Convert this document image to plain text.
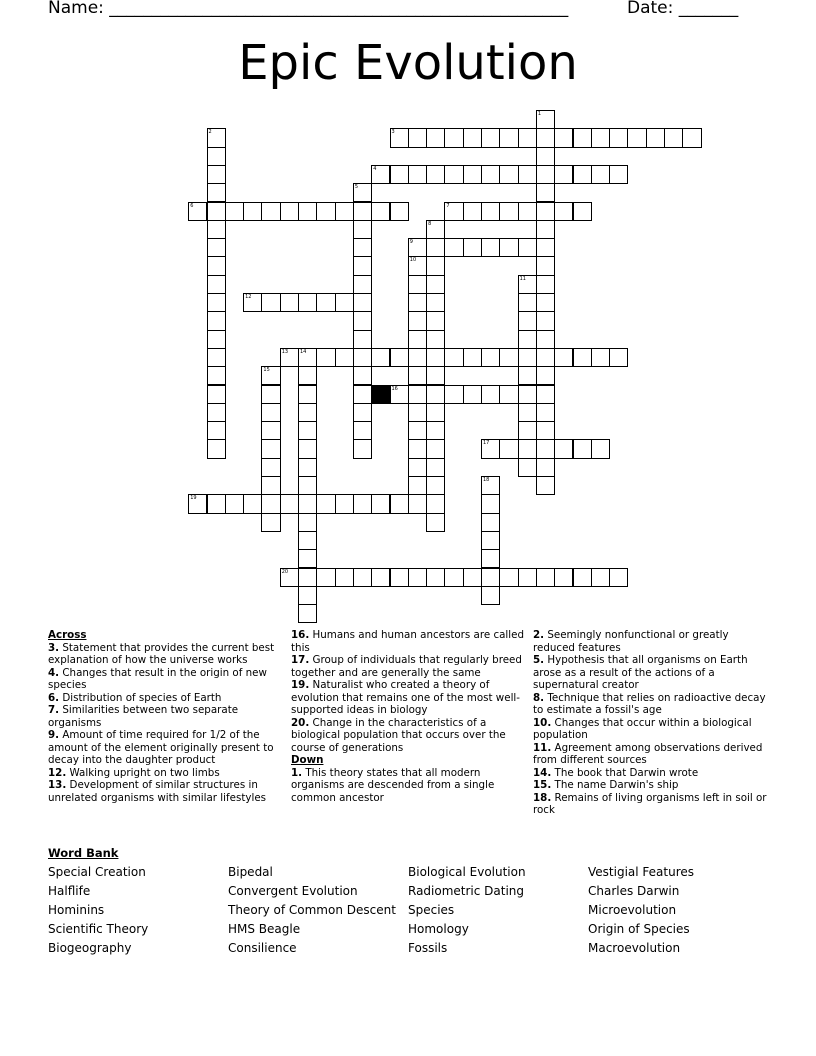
Name: ______________________________________________________	Date: _______
Epic Evolution
1
2	3
4
5
6	7
8
9
10
11
12
13 14
15
16
17
18
19
20
Across
3. Statement that provides the current best explanation of how the universe works
4. Changes that result in the origin of new species
6. Distribution of species of Earth
7. Similarities between two separate organisms
9. Amount of time required for 1/2 of the amount of the element originally present to decay into the daughter product
12. Walking upright on two limbs
13. Development of similar structures in unrelated organisms with similar lifestyles
16. Humans and human ancestors are called this
17. Group of individuals that regularly breed together and are generally the same
19. Naturalist who created a theory of evolution that remains one of the most well-supported ideas in biology
20. Change in the characteristics of a biological population that occurs over the course of generations
Down
1. This theory states that all modern organisms are descended from a single common ancestor
2. Seemingly nonfunctional or greatly reduced features
5. Hypothesis that all organisms on Earth arose as a result of the actions of a supernatural creator
8. Technique that relies on radioactive decay to estimate a fossil's age
10. Changes that occur within a biological population
11. Agreement among observations derived from different sources
14. The book that Darwin wrote
15. The name Darwin's ship
18. Remains of living organisms left in soil or rock
Word Bank
Special Creation
Halflife
Hominins
Scientific Theory
Biogeography
Bipedal
Convergent Evolution
Theory of Common Descent
HMS Beagle
Consilience
Biological Evolution
Radiometric Dating
Species
Homology
Fossils
Vestigial Features
Charles Darwin
Microevolution
Origin of Species
Macroevolution
